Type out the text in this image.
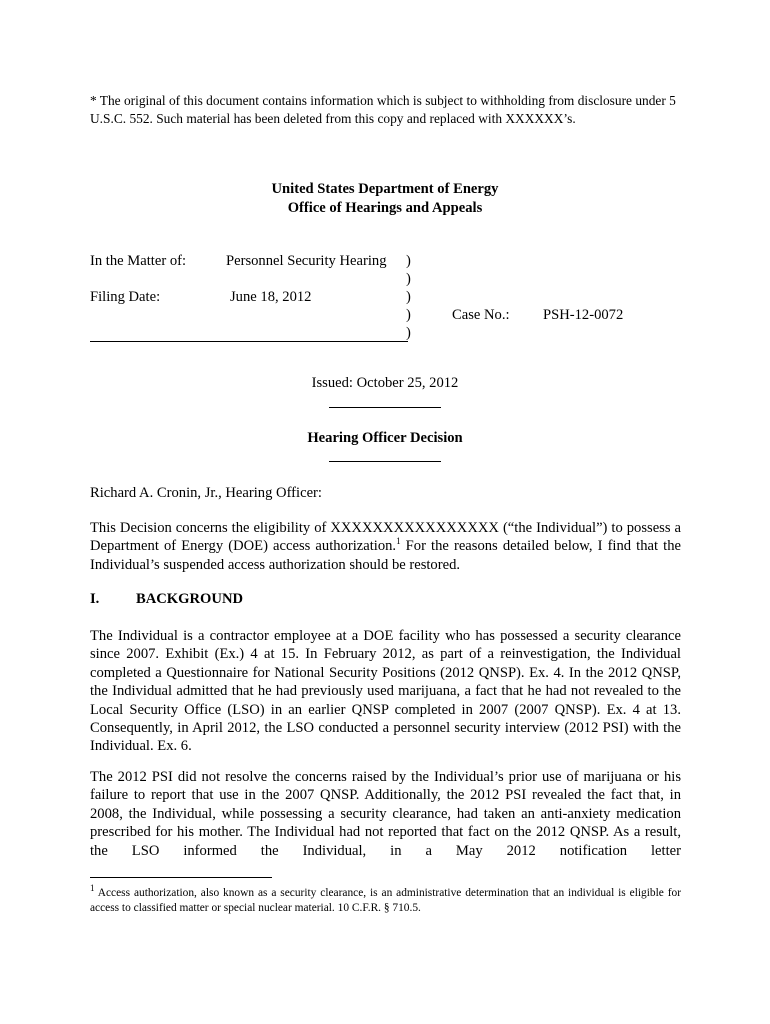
* The original of this document contains information which is subject to withholding from disclosure under 5 U.S.C. 552. Such material has been deleted from this copy and replaced with XXXXXX’s.
United States Department of Energy
Office of Hearings and Appeals
In the Matter of:	Personnel Security Hearing
Filing Date:	June 18, 2012
Case No.: PSH-12-0072
)
)
)
)
)
Issued: October 25, 2012
Hearing Officer Decision
Richard A. Cronin, Jr., Hearing Officer:

This Decision concerns the eligibility of XXXXXXXXXXXXXXXX (“the Individual”) to possess a Department of Energy (DOE) access authorization.$^1$ For the reasons detailed below, I find that the Individual’s suspended access authorization should be restored.

I.	BACKGROUND

The Individual is a contractor employee at a DOE facility who has possessed a security clearance since 2007. Exhibit (Ex.) 4 at 15. In February 2012, as part of a reinvestigation, the Individual completed a Questionnaire for National Security Positions (2012 QNSP). Ex. 4. In the 2012 QNSP, the Individual admitted that he had previously used marijuana, a fact that he had not revealed to the Local Security Office (LSO) in an earlier QNSP completed in 2007 (2007 QNSP). Ex. 4 at 13. Consequently, in April 2012, the LSO conducted a personnel security interview (2012 PSI) with the Individual. Ex. 6.

The 2012 PSI did not resolve the concerns raised by the Individual’s prior use of marijuana or his failure to report that use in the 2007 QNSP. Additionally, the 2012 PSI revealed the fact that, in 2008, the Individual, while possessing a security clearance, had taken an anti-anxiety medication prescribed for his mother. The Individual had not reported that fact on the 2012 QNSP. As a result, the LSO informed the Individual, in a May 2012 notification letter

$^1$ Access authorization, also known as a security clearance, is an administrative determination that an individual is eligible for access to classified matter or special nuclear material. 10 C.F.R. § 710.5.
